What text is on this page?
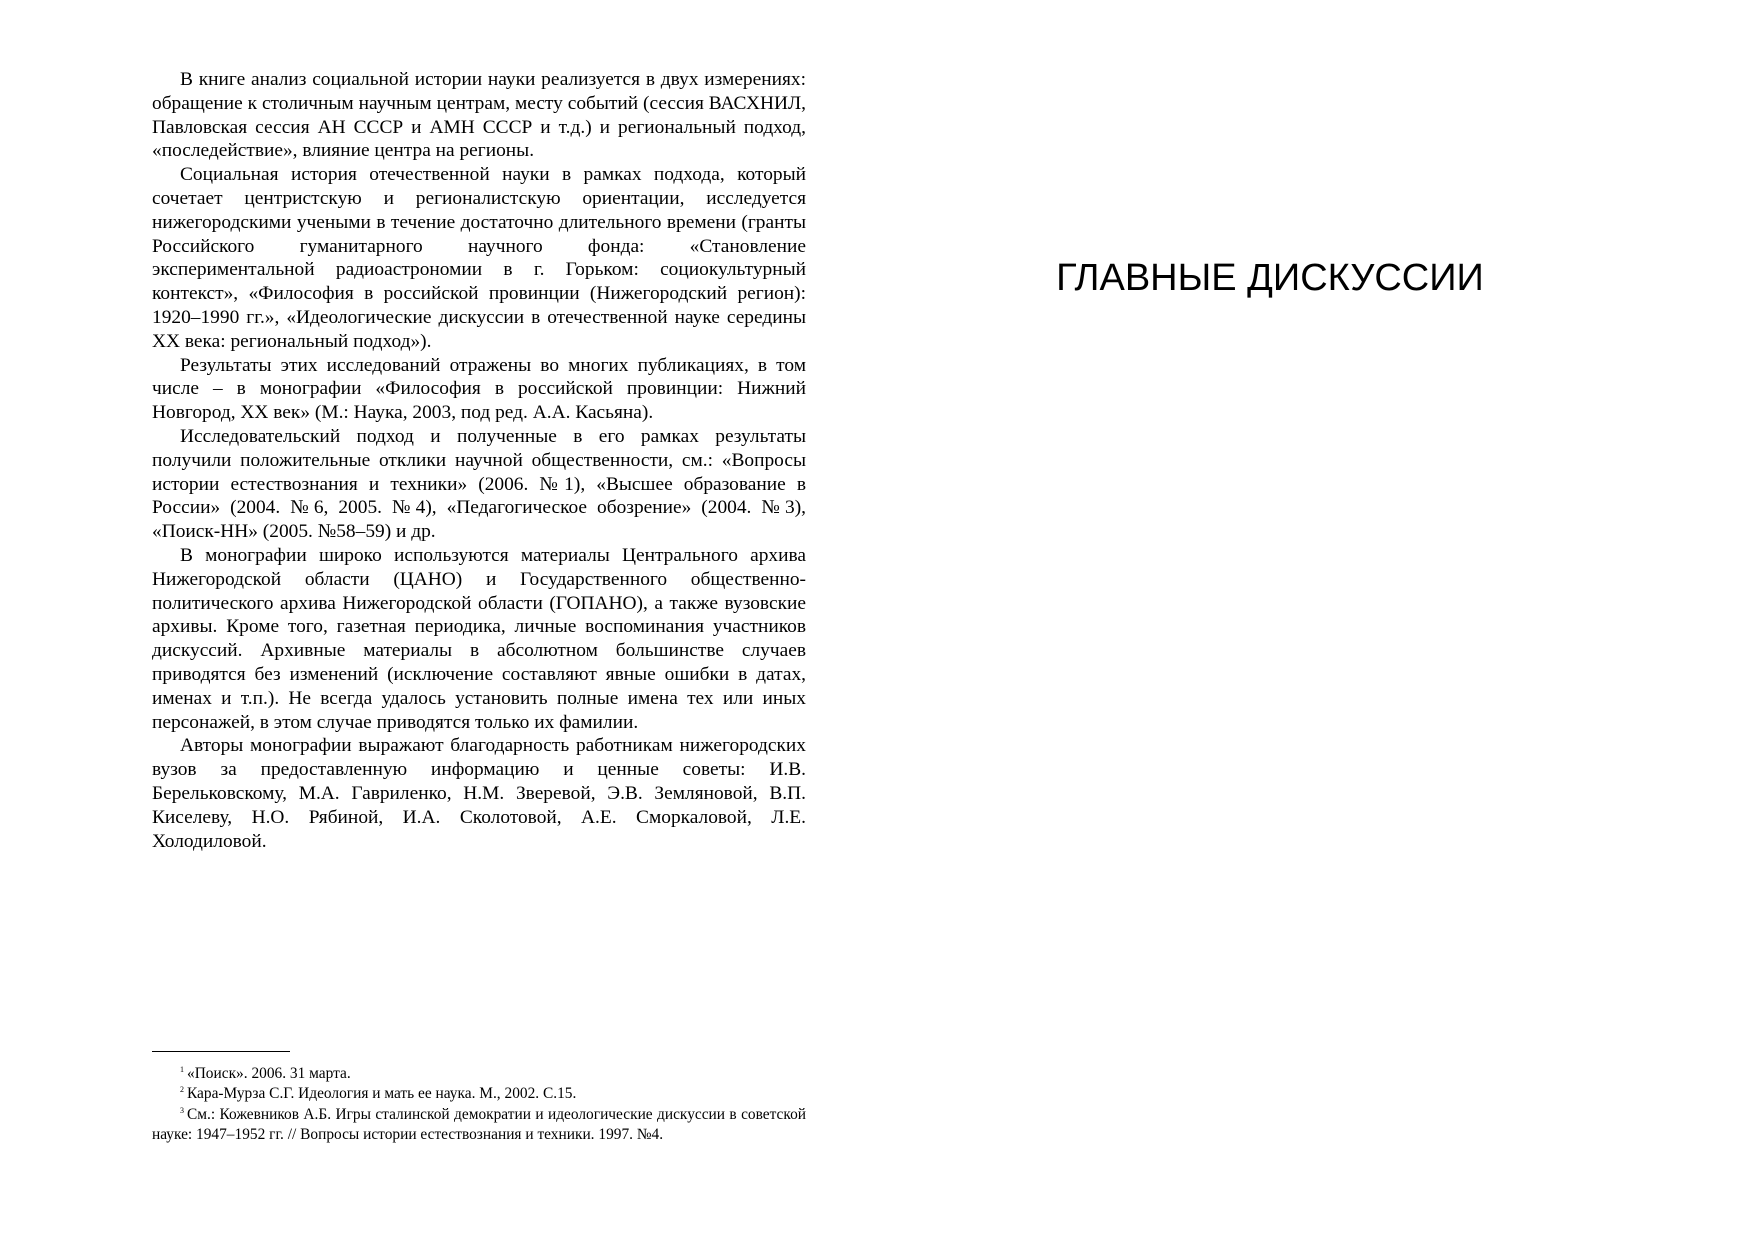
В книге анализ социальной истории науки реализуется в двух измерениях: обращение к столичным научным центрам, месту событий (сессия ВАСХНИЛ, Павловская сессия АН СССР и АМН СССР и т.д.) и региональный подход, «последействие», влияние центра на регионы.

Социальная история отечественной науки в рамках подхода, который сочетает центристскую и регионалистскую ориентации, исследуется нижегородскими учеными в течение достаточно длительного времени (гранты Российского гуманитарного научного фонда: «Становление экспериментальной радиоастрономии в г. Горьком: социокультурный контекст», «Философия в российской провинции (Нижегородский регион): 1920–1990 гг.», «Идеологические дискуссии в отечественной науке середины XX века: региональный подход»).

Результаты этих исследований отражены во многих публикациях, в том числе – в монографии «Философия в российской провинции: Нижний Новгород, XX век» (М.: Наука, 2003, под ред. А.А. Касьяна).

Исследовательский подход и полученные в его рамках результаты получили положительные отклики научной общественности, см.: «Вопросы истории естествознания и техники» (2006. №1), «Высшее образование в России» (2004. №6, 2005. №4), «Педагогическое обозрение» (2004. №3), «Поиск-НН» (2005. №58–59) и др.

В монографии широко используются материалы Центрального архива Нижегородской области (ЦАНО) и Государственного общественно-политического архива Нижегородской области (ГОПАНО), а также вузовские архивы. Кроме того, газетная периодика, личные воспоминания участников дискуссий. Архивные материалы в абсолютном большинстве случаев приводятся без изменений (исключение составляют явные ошибки в датах, именах и т.п.). Не всегда удалось установить полные имена тех или иных персонажей, в этом случае приводятся только их фамилии.

Авторы монографии выражают благодарность работникам нижегородских вузов за предоставленную информацию и ценные советы: И.В. Берельковскому, М.А. Гавриленко, Н.М. Зверевой, Э.В. Земляновой, В.П. Киселеву, Н.О. Рябиной, И.А. Сколотовой, А.Е. Сморкаловой, Л.Е. Холодиловой.

$^1$ «Поиск». 2006. 31 марта.

$^2$ Кара-Мурза С.Г. Идеология и мать ее наука. М., 2002. С.15.

$^3$ См.: Кожевников А.Б. Игры сталинской демократии и идеологические дискуссии в советской науке: 1947–1952 гг. // Вопросы истории естествознания и техники. 1997. №4.

ГЛАВНЫЕ ДИСКУССИИ
